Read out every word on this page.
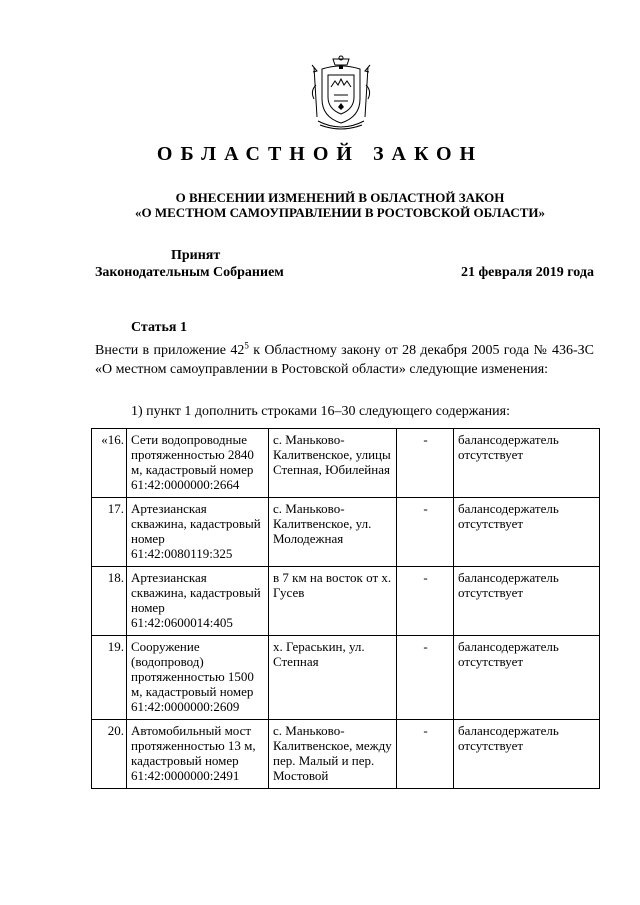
ОБЛАСТНОЙ ЗАКОН
О ВНЕСЕНИИ ИЗМЕНЕНИЙ В ОБЛАСТНОЙ ЗАКОН
«О МЕСТНОМ САМОУПРАВЛЕНИИ В РОСТОВСКОЙ ОБЛАСТИ»
Принят
Законодательным Собранием	21 февраля 2019 года
Статья 1
Внести в приложение $42^5$ к Областному закону от 28 декабря 2005 года № 436-ЗС «О местном самоуправлении в Ростовской области» следующие изменения:
1) пункт 1 дополнить строками 16–30 следующего содержания:
«16.	Сети водопроводные протяженностью 2840 м, кадастровый номер 61:42:0000000:2664	с. Маньково-Калитвенское, улицы Степная, Юбилейная	-	балансодержатель отсутствует
17.	Артезианская скважина, кадастровый номер 61:42:0080119:325	с. Маньково-Калитвенское, ул. Молодежная	-	балансодержатель отсутствует
18.	Артезианская скважина, кадастровый номер 61:42:0600014:405	в 7 км на восток от х. Гусев	-	балансодержатель отсутствует
19.	Сооружение (водопровод) протяженностью 1500 м, кадастровый номер 61:42:0000000:2609	х. Гераськин, ул. Степная	-	балансодержатель отсутствует
20.	Автомобильный мост протяженностью 13 м, кадастровый номер 61:42:0000000:2491	с. Маньково-Калитвенское, между пер. Малый и пер. Мостовой	-	балансодержатель отсутствует
